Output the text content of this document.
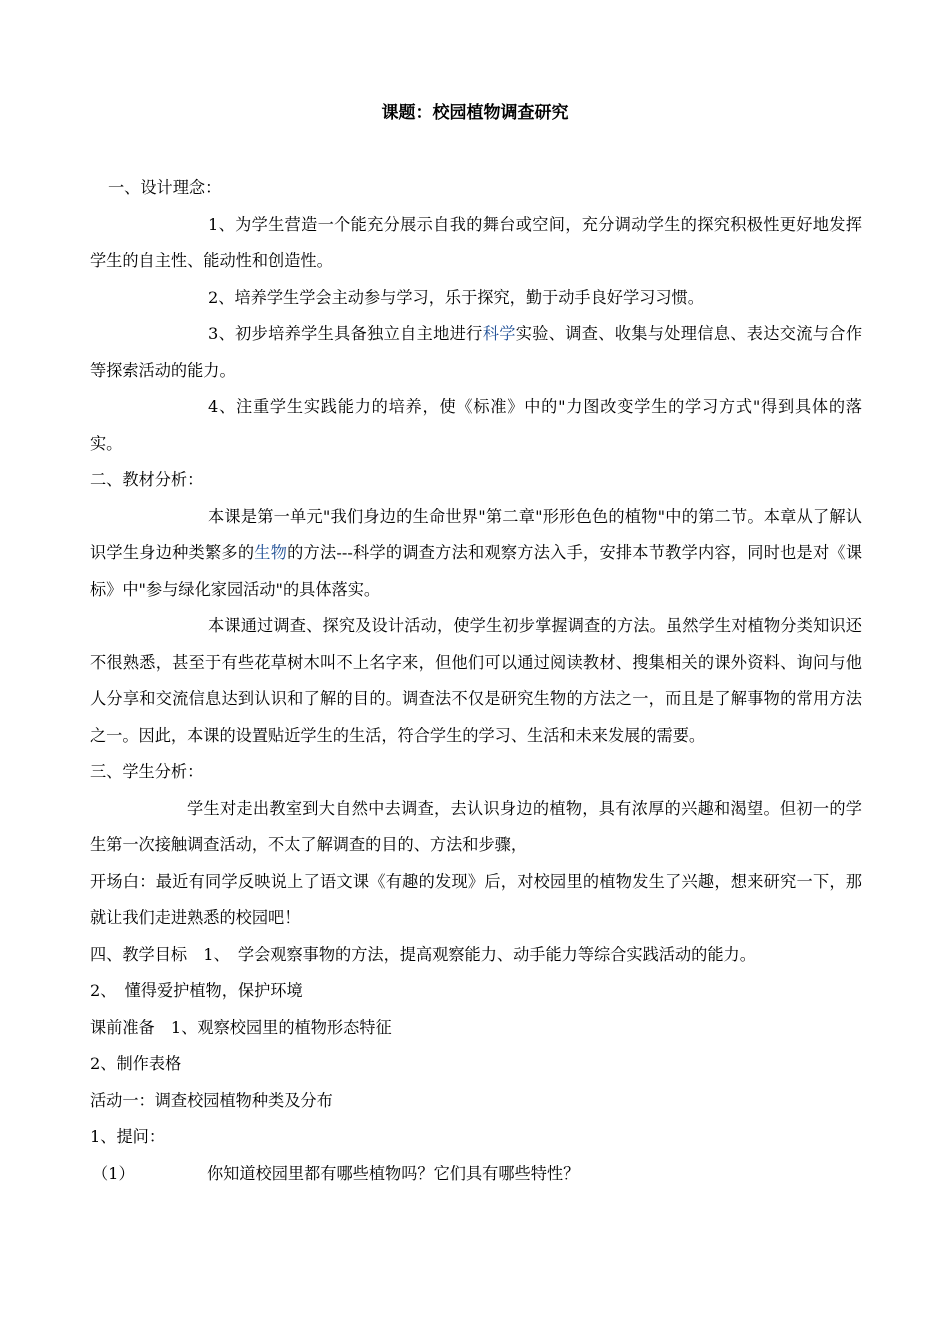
课题：校园植物调查研究

一、设计理念：

1、为学生营造一个能充分展示自我的舞台或空间，充分调动学生的探究积极性更好地发挥学生的自主性、能动性和创造性。

2、培养学生学会主动参与学习，乐于探究，勤于动手良好学习习惯。

3、初步培养学生具备独立自主地进行科学实验、调查、收集与处理信息、表达交流与合作等探索活动的能力。

4、注重学生实践能力的培养，使《标准》中的"力图改变学生的学习方式"得到具体的落实。

二、教材分析：

本课是第一单元"我们身边的生命世界"第二章"形形色色的植物"中的第二节。本章从了解认识学生身边种类繁多的生物的方法---科学的调查方法和观察方法入手，安排本节教学内容，同时也是对《课标》中"参与绿化家园活动"的具体落实。

本课通过调查、探究及设计活动，使学生初步掌握调查的方法。虽然学生对植物分类知识还不很熟悉，甚至于有些花草树木叫不上名字来，但他们可以通过阅读教材、搜集相关的课外资料、询问与他人分享和交流信息达到认识和了解的目的。调查法不仅是研究生物的方法之一，而且是了解事物的常用方法之一。因此，本课的设置贴近学生的生活，符合学生的学习、生活和未来发展的需要。

三、学生分析：

学生对走出教室到大自然中去调查，去认识身边的植物，具有浓厚的兴趣和渴望。但初一的学生第一次接触调查活动，不太了解调查的目的、方法和步骤，

开场白：最近有同学反映说上了语文课《有趣的发现》后，对校园里的植物发生了兴趣，想来研究一下，那就让我们走进熟悉的校园吧！

四、教学目标　1、　学会观察事物的方法，提高观察能力、动手能力等综合实践活动的能力。

2、　懂得爱护植物，保护环境

课前准备　1、观察校园里的植物形态特征

2、制作表格

活动一：调查校园植物种类及分布

1、提问：

（1）	你知道校园里都有哪些植物吗？它们具有哪些特性？
